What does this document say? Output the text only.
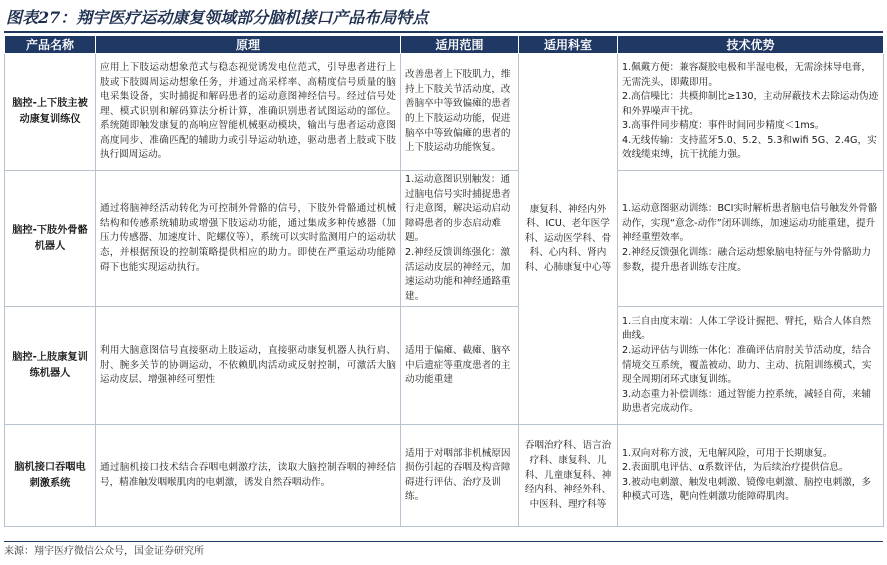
图表27：翔宇医疗运动康复领域部分脑机接口产品布局特点
产品名称	原理	适用范围	适用科室	技术优势
脑控-上下肢主被动康复训练仪	应用上下肢运动想象范式与稳态视觉诱发电位范式，引导患者进行上肢或下肢圆周运动想象任务，并通过高采样率、高精度信号质量的脑电采集设备，实时捕捉和解码患者的运动意图神经信号。经过信号处理、模式识别和解码算法分析计算，准确识别患者试图运动的部位。系统随即触发康复的高响应智能机械驱动模块，输出与患者运动意图高度同步、准确匹配的辅助力或引导运动轨迹，驱动患者上肢或下肢执行圆周运动。	改善患者上下肢肌力，维持上下肢关节活动度，改善脑卒中等致偏瘫的患者的上下肢运动功能，促进脑卒中等致偏瘫的患者的上下肢运动功能恢复。	康复科、神经内外科、ICU、老年医学科、运动医学科、骨科、心内科、肾内科、心肺康复中心等	1.佩戴方便：兼容凝胶电极和半湿电极，无需涂抹导电膏，无需洗头，即戴即用。
2.高信噪比：共模抑制比≥130，主动屏蔽技术去除运动伪迹和外界噪声干扰。
3.高事件同步精度：事件时间同步精度＜1ms。
4.无线传输：支持蓝牙5.0、5.2、5.3和wifi 5G、2.4G，实效线缆束缚，抗干扰能力强。

脑控-下肢外骨骼机器人	通过将脑神经活动转化为可控制外骨骼的信号，下肢外骨骼通过机械结构和传感系统辅助或增强下肢运动功能，通过集成多种传感器（加压力传感器、加速度计、陀螺仪等），系统可以实时监测用户的运动状态，并根据预设的控制策略提供相应的助力。即使在严重运动功能障碍下也能实现运动执行。	1.运动意图识别触发：通过脑电信号实时捕捉患者行走意图，解决运动启动障碍患者的步态启动难题。
2.神经反馈训练强化：激活运动皮层的神经元，加速运动功能和神经通路重建。		1.运动意图驱动训练：BCI实时解析患者脑电信号触发外骨骼动作，实现“意念-动作”闭环训练，加速运动功能重建，提升神经重塑效率。
2.神经反馈强化训练：融合运动想象脑电特征与外骨骼助力参数，提升患者训练专注度。

脑控-上肢康复训练机器人	利用大脑意图信号直接驱动上肢运动，直接驱动康复机器人执行肩、肘、腕多关节的协调运动，不依赖肌肉活动或反射控制，可激活大脑运动皮层、增强神经可塑性	适用于偏瘫、截瘫、脑卒中后遗症等重度患者的主动功能重建		1.三自由度末端：人体工学设计握把、臂托，贴合人体自然曲线。
2.运动评估与训练一体化：准确评估肩肘关节活动度，结合情境交互系统，覆盖被动、助力、主动、抗阻训练模式，实现全周期闭环式康复训练。
3.动态重力补偿训练：通过智能力控系统，减轻自荷，来辅助患者完成动作。

脑机接口吞咽电刺激系统	通过脑机接口技术结合吞咽电刺激疗法，读取大脑控制吞咽的神经信号，精准触发咽喉肌肉的电刺激，诱发自然吞咽动作。	适用于对咽部非机械原因损伤引起的吞咽及构音障碍进行评估、治疗及训练。	吞咽治疗科、语言治疗科、康复科、儿科、儿童康复科、神经内科、神经外科、中医科、理疗科等	1.双向对称方波，无电解风险，可用于长期康复。
2.表面肌电评估、α系数评估，为后续治疗提供信息。
3.被动电刺激、触发电刺激、镜像电刺激、脑控电刺激，多种模式可选，靶向性刺激功能障碍肌肉。
来源：翔宇医疗微信公众号，国金证券研究所
